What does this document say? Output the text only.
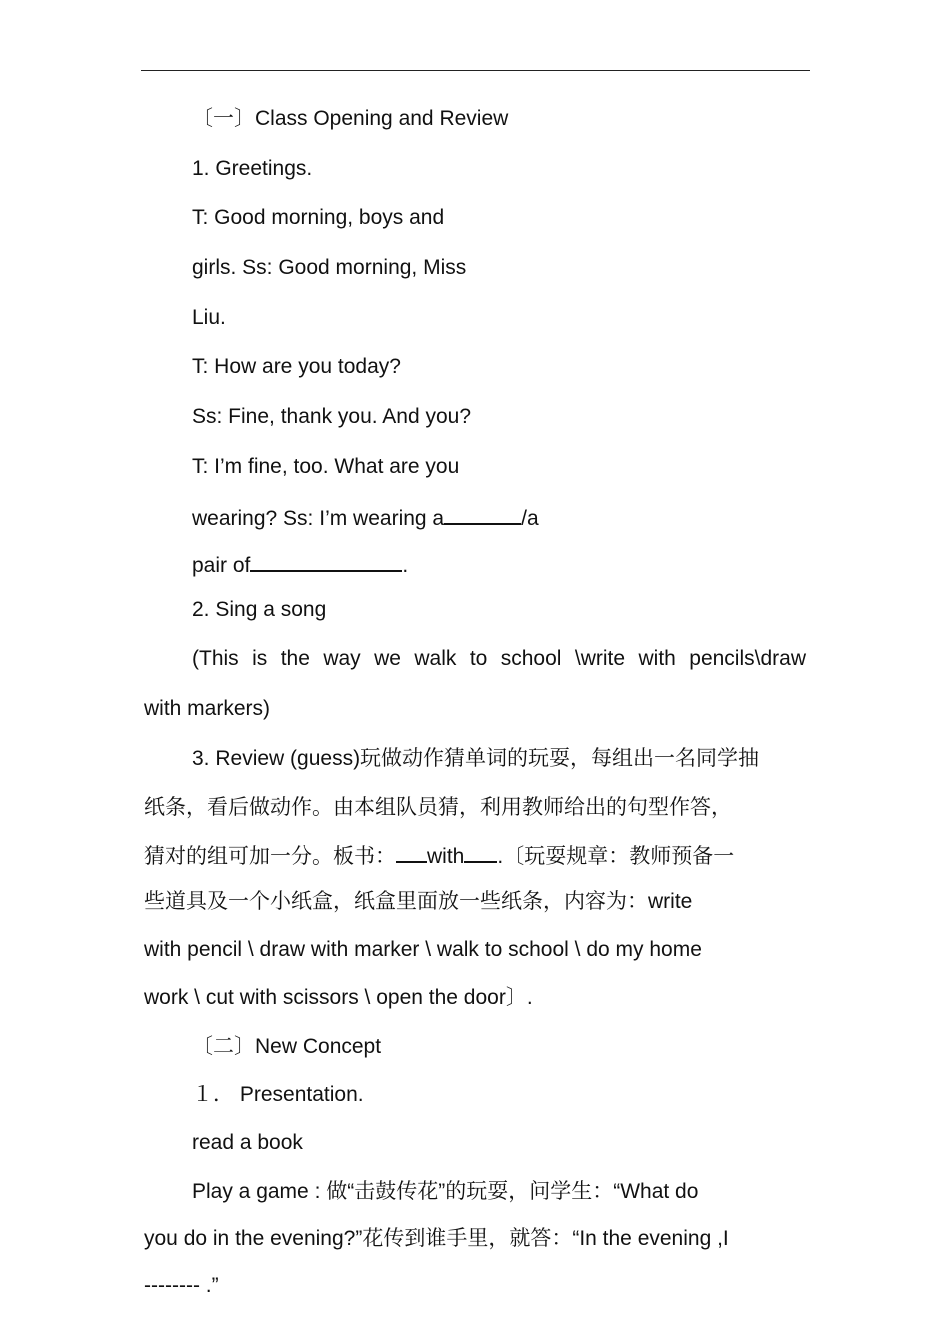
〔一〕Class Opening and Review
1. Greetings.
T: Good morning, boys and
girls. Ss: Good morning, Miss
Liu.
T: How are you today?
Ss: Fine, thank you. And you?
T: I’m fine, too. What are you
wearing? Ss: I’m wearing a	/a
pair of	.
2. Sing a song
(This is the way we walk to school \write with pencils\draw
with markers)
3. Review (guess)玩做动作猜单词的玩耍，每组出一名同学抽
纸条，看后做动作。由本组队员猜，利用教师给出的句型作答，
猜对的组可加一分。板书： with .〔玩耍规章：教师预备一
些道具及一个小纸盒，纸盒里面放一些纸条，内容为：write
with pencil \ draw with marker \ walk to school \ do my home
work \ cut with scissors \ open the door〕.
〔二〕New Concept
１． Presentation.
read a book
Play a game : 做“击鼓传花”的玩耍，问学生：“What do
you do in the evening?”花传到谁手里，就答：“In the evening ,I
-------- .”
